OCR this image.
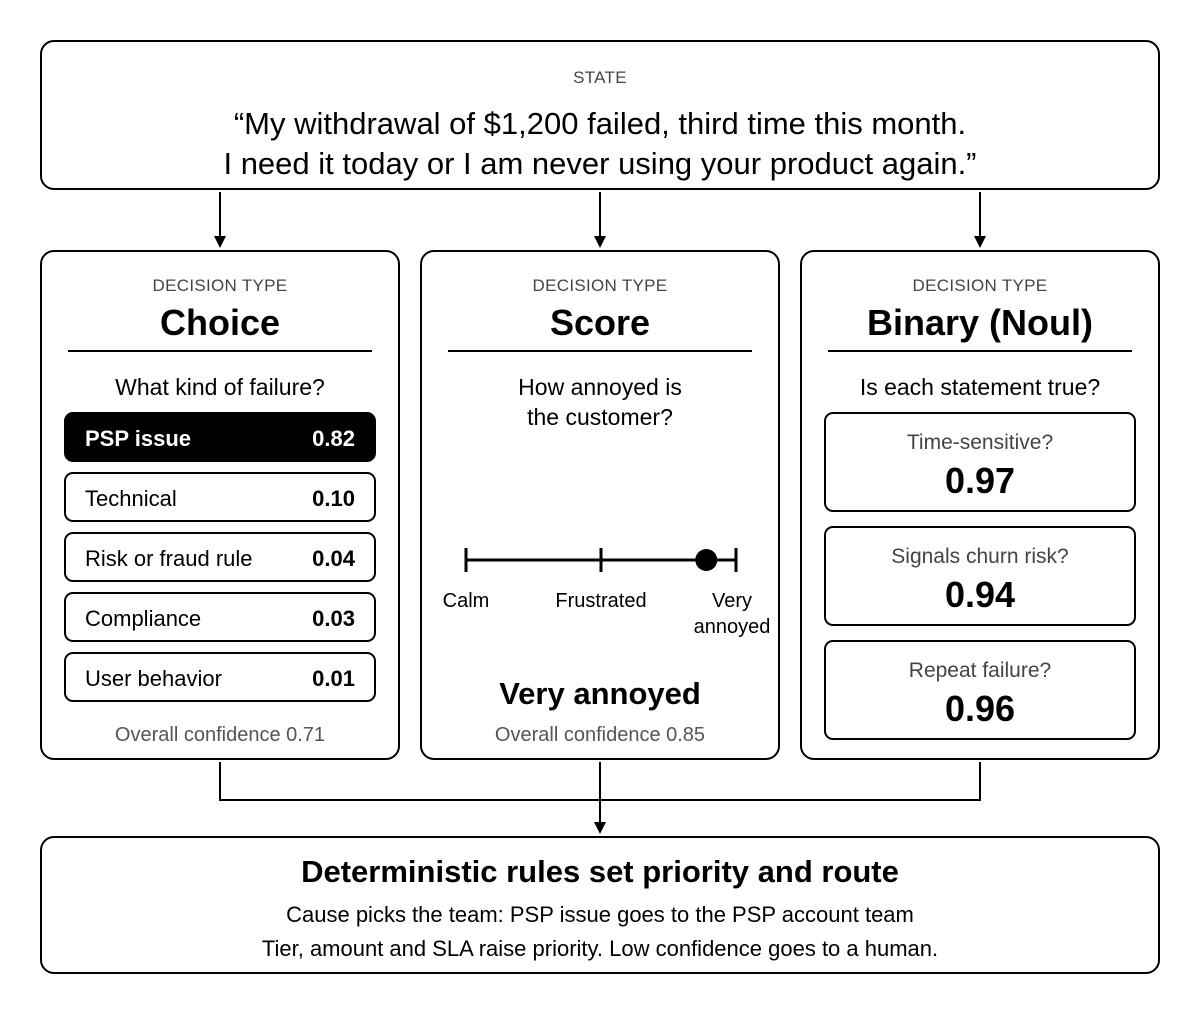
STATE
“My withdrawal of $1,200 failed, third time this month.
I need it today or I am never using your product again.”
DECISION TYPE
Choice
What kind of failure?
PSP issue	0.82
Technical	0.10
Risk or fraud rule	0.04
Compliance	0.03
User behavior	0.01
Overall confidence 0.71
DECISION TYPE
Score
How annoyed is
the customer?
Calm	Frustrated	Very
annoyed
Very annoyed
Overall confidence 0.85
DECISION TYPE
Binary (Noul)
Is each statement true?
Time-sensitive?
0.97
Signals churn risk?
0.94
Repeat failure?
0.96
Deterministic rules set priority and route
Cause picks the team: PSP issue goes to the PSP account team
Tier, amount and SLA raise priority. Low confidence goes to a human.
